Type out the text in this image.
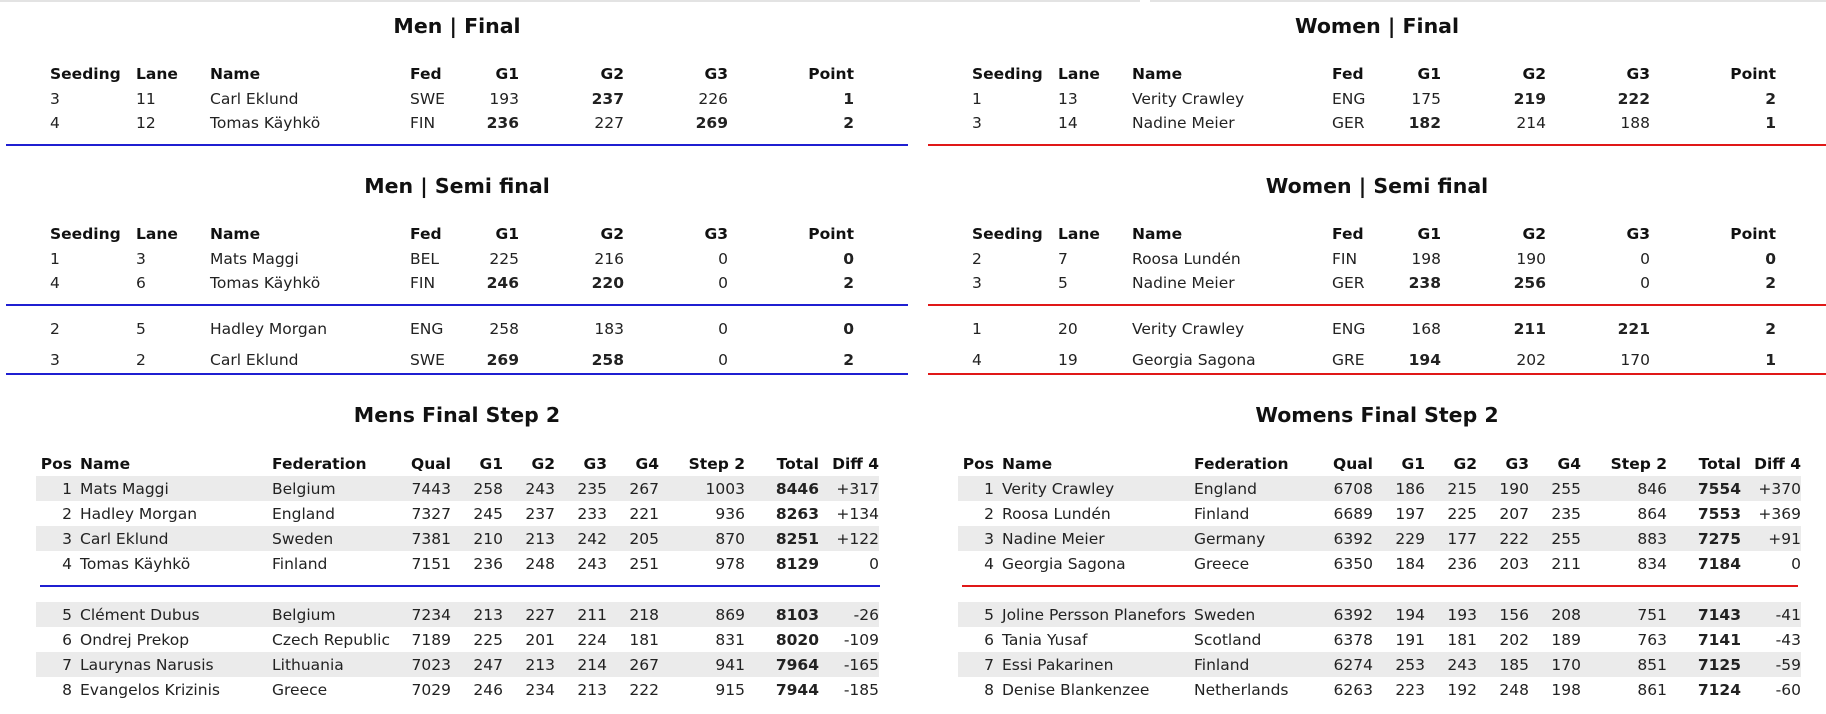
Men | Final
Seeding	Lane	Name	Fed	G1	G2	G3	Point
3	11	Carl Eklund	SWE	193	237	226	1
4	12	Tomas Käyhkö	FIN	236	227	269	2
Men | Semi final
Seeding	Lane	Name	Fed	G1	G2	G3	Point
1	3	Mats Maggi	BEL	225	216	0	0
4	6	Tomas Käyhkö	FIN	246	220	0	2
2	5	Hadley Morgan	ENG	258	183	0	0
3	2	Carl Eklund	SWE	269	258	0	2
Mens Final Step 2
Pos	Name	Federation	Qual	G1	G2	G3	G4	Step 2	Total	Diff 4
1	Mats Maggi	Belgium	7443	258	243	235	267	1003	8446	+317
2	Hadley Morgan	England	7327	245	237	233	221	936	8263	+134
3	Carl Eklund	Sweden	7381	210	213	242	205	870	8251	+122
4	Tomas Käyhkö	Finland	7151	236	248	243	251	978	8129	0

5	Clément Dubus	Belgium	7234	213	227	211	218	869	8103	-26
6	Ondrej Prekop	Czech Republic	7189	225	201	224	181	831	8020	-109
7	Laurynas Narusis	Lithuania	7023	247	213	214	267	941	7964	-165
8	Evangelos Krizinis	Greece	7029	246	234	213	222	915	7944	-185
Women | Final
Seeding	Lane	Name	Fed	G1	G2	G3	Point
1	13	Verity Crawley	ENG	175	219	222	2
3	14	Nadine Meier	GER	182	214	188	1
Women | Semi final
Seeding	Lane	Name	Fed	G1	G2	G3	Point
2	7	Roosa Lundén	FIN	198	190	0	0
3	5	Nadine Meier	GER	238	256	0	2
1	20	Verity Crawley	ENG	168	211	221	2
4	19	Georgia Sagona	GRE	194	202	170	1
Womens Final Step 2
Pos	Name	Federation	Qual	G1	G2	G3	G4	Step 2	Total	Diff 4
1	Verity Crawley	England	6708	186	215	190	255	846	7554	+370
2	Roosa Lundén	Finland	6689	197	225	207	235	864	7553	+369
3	Nadine Meier	Germany	6392	229	177	222	255	883	7275	+91
4	Georgia Sagona	Greece	6350	184	236	203	211	834	7184	0

5	Joline Persson Planefors	Sweden	6392	194	193	156	208	751	7143	-41
6	Tania Yusaf	Scotland	6378	191	181	202	189	763	7141	-43
7	Essi Pakarinen	Finland	6274	253	243	185	170	851	7125	-59
8	Denise Blankenzee	Netherlands	6263	223	192	248	198	861	7124	-60
